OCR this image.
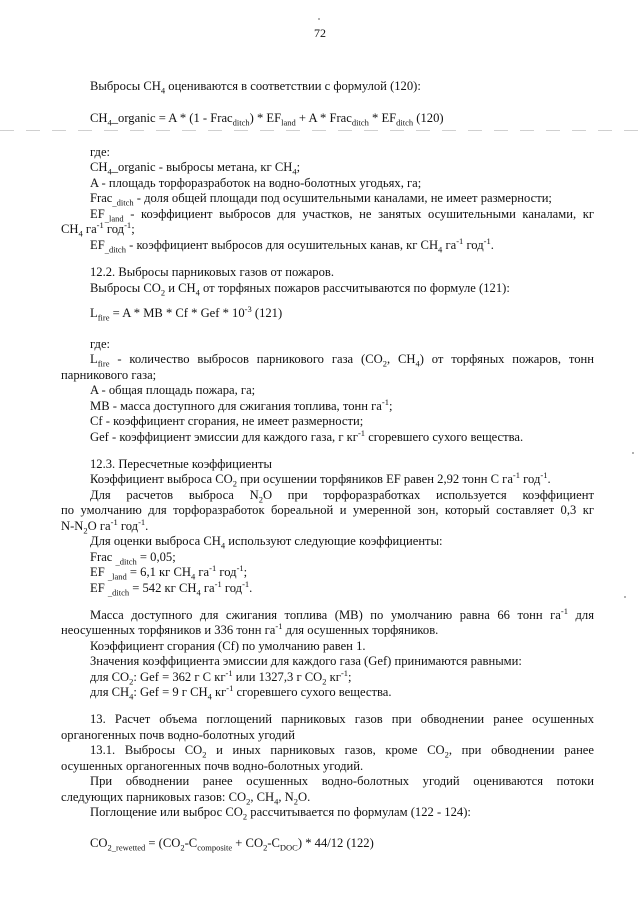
72
Выбросы $CH_4$ оцениваются в соответствии с формулой (120):
$CH_4\_organic = A * (1$ - Frac$_{ditch}$) * $EF_{land} + A$ * Frac$_{ditch}$ * $EF_{ditch}$ (120)
где:
$CH_4\_organic$ - выбросы метана, кг $CH_4$;
A - площадь торфоразработок на водно-болотных угодьях, га;
Frac$_{\_ditch}$ - доля общей площади под осушительными каналами, не имеет размерности;
$EF_{\_land}$ - коэффициент выбросов для участков, не занятых осушительными каналами, кг
$CH_4$ $га^{-1}$ год$^{-1}$;
$EF_{\_ditch}$ - коэффициент выбросов для осушительных канав, кг $CH_4$ $га^{-1}$ год$^{-1}$.
12.2. Выбросы парниковых газов от пожаров.
Выбросы $CO_2$ и $CH_4$ от торфяных пожаров рассчитываются по формуле (121):
$L_{fire} = A$ * MB * Cf * Gef * $10^{-3}$ (121)
где:
$L_{fire}$ - количество выбросов парникового газа ($CO_2$, $CH_4$) от торфяных пожаров, тонн
парникового газа;
A - общая площадь пожара, га;
MB - масса доступного для сжигания топлива, тонн $га^{-1}$;
Cf - коэффициент сгорания, не имеет размерности;
Gef - коэффициент эмиссии для каждого газа, г $кг^{-1}$ сгоревшего сухого вещества.
12.3. Пересчетные коэффициенты
Коэффициент выброса $CO_2$ при осушении торфяников EF равен 2,92 тонн C $га^{-1}$ год$^{-1}$.
Для расчетов выброса $N_2O$ при торфоразработках используется коэффициент
по умолчанию для торфоразработок бореальной и умеренной зон, который составляет 0,3 кг
$N-N_2O$ $га^{-1}$ год$^{-1}$.
Для оценки выброса $CH_4$ используют следующие коэффициенты:
Frac $_{\_ditch}$ = 0,05;
EF $_{\_land}$ = 6,1 кг $CH_4$ $га^{-1}$ год$^{-1}$;
EF $_{\_ditch}$ = 542 кг $CH_4$ $га^{-1}$ год$^{-1}$.
Масса доступного для сжигания топлива (MB) по умолчанию равна 66 тонн $га^{-1}$ для
неосушенных торфяников и 336 тонн $га^{-1}$ для осушенных торфяников.
Коэффициент сгорания (Cf) по умолчанию равен 1.
Значения коэффициента эмиссии для каждого газа (Gef) принимаются равными:
для $CO_2$: Gef = 362 г C $кг^{-1}$ или 1327,3 г $CO_2$ $кг^{-1}$;
для $CH_4$: Gef = 9 г $CH_4$ $кг^{-1}$ сгоревшего сухого вещества.
13. Расчет объема поглощений парниковых газов при обводнении ранее осушенных
органогенных почв водно-болотных угодий
13.1. Выбросы $CO_2$ и иных парниковых газов, кроме $CO_2$, при обводнении ранее
осушенных органогенных почв водно-болотных угодий.
При обводнении ранее осушенных водно-болотных угодий оцениваются потоки
следующих парниковых газов: $CO_2$, $CH_4$, $N_2O$.
Поглощение или выброс $CO_2$ рассчитывается по формулам (122 - 124):
$CO_{2\_rewetted} = (CO_2-C_{composite} + CO_2-C_{DOC}) * 44/12$ (122)
